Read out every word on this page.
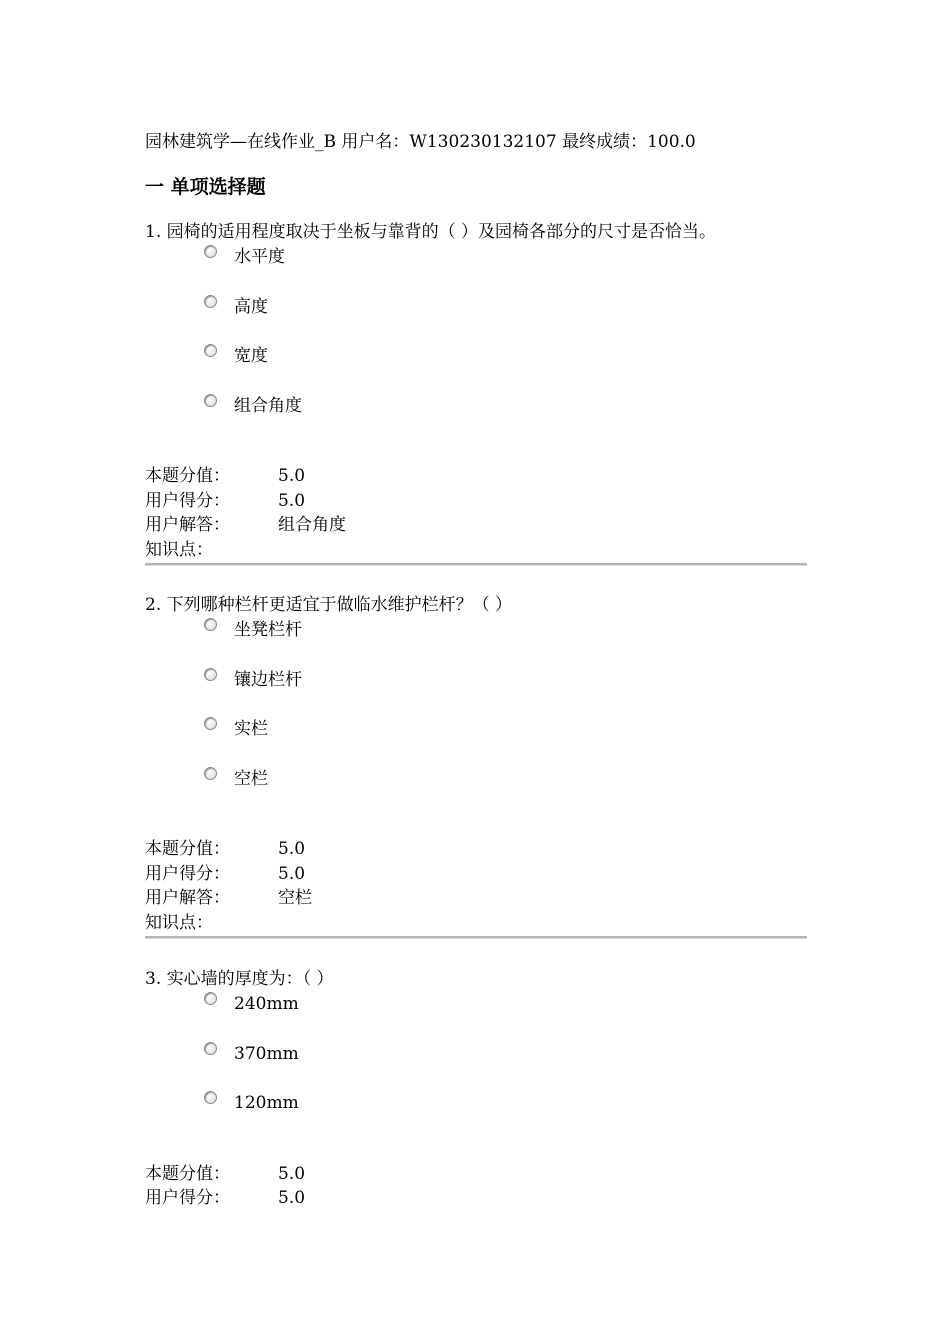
园林建筑学—在线作业_B 用户名：W130230132107 最终成绩：100.0
一 单项选择题
1. 园椅的适用程度取决于坐板与靠背的（ ）及园椅各部分的尺寸是否恰当。
水平度
高度
宽度
组合角度
本题分值：	5.0
用户得分：	5.0
用户解答：	组合角度
知识点：
2. 下列哪种栏杆更适宜于做临水维护栏杆？（ ）
坐凳栏杆
镶边栏杆
实栏
空栏
本题分值：	5.0
用户得分：	5.0
用户解答：	空栏
知识点：
3. 实心墙的厚度为：（ ）
240mm
370mm
120mm
本题分值：	5.0
用户得分：	5.0
